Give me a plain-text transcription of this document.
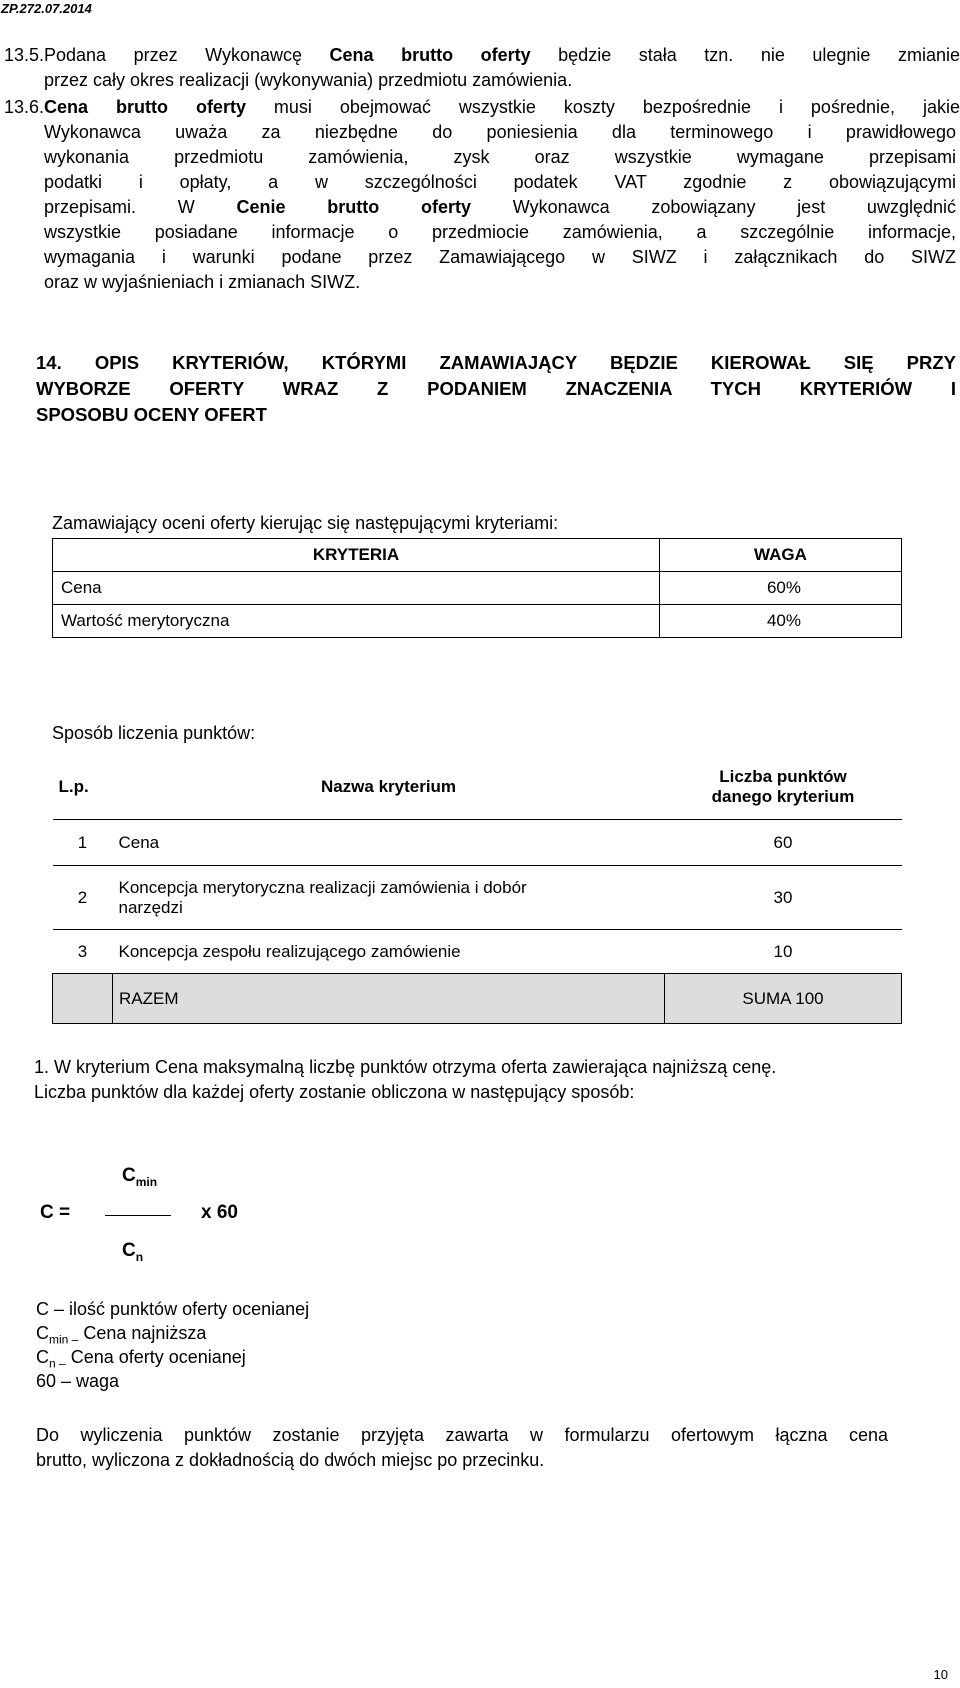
ZP.272.07.2014
13.5.Podana przez Wykonawcę Cena brutto oferty będzie stała tzn. nie ulegnie zmianie
przez cały okres realizacji (wykonywania) przedmiotu zamówienia.
13.6.Cena brutto oferty musi obejmować wszystkie koszty bezpośrednie i pośrednie, jakie
Wykonawca uważa za niezbędne do poniesienia dla terminowego i prawidłowego
wykonania przedmiotu zamówienia, zysk oraz wszystkie wymagane przepisami
podatki i opłaty, a w szczególności podatek VAT zgodnie z obowiązującymi
przepisami. W Cenie brutto oferty Wykonawca zobowiązany jest uwzględnić
wszystkie posiadane informacje o przedmiocie zamówienia, a szczególnie informacje,
wymagania i warunki podane przez Zamawiającego w SIWZ i załącznikach do SIWZ
oraz w wyjaśnieniach i zmianach SIWZ.
14. OPIS KRYTERIÓW, KTÓRYMI ZAMAWIAJĄCY BĘDZIE KIEROWAŁ SIĘ PRZY
WYBORZE OFERTY WRAZ Z PODANIEM ZNACZENIA TYCH KRYTERIÓW I
SPOSOBU OCENY OFERT
Zamawiający oceni oferty kierując się następującymi kryteriami:
KRYTERIA	WAGA
Cena	60%
Wartość merytoryczna	40%
Sposób liczenia punktów:
L.p.	Nazwa kryterium	Liczba punktów
danego kryterium

1	Cena	60
2	Koncepcja merytoryczna realizacji zamówienia i dobór
narzędzi	30
3	Koncepcja zespołu realizującego zamówienie	10
	RAZEM	SUMA 100
1. W kryterium Cena maksymalną liczbę punktów otrzyma oferta zawierająca najniższą cenę.
Liczba punktów dla każdej oferty zostanie obliczona w następujący sposób:
$C_{min}$
C =	x 60
$C_n$
C – ilość punktów oferty ocenianej
$C_{min -}$ Cena najniższa
$C_{n -}$ Cena oferty ocenianej
60 – waga
Do wyliczenia punktów zostanie przyjęta zawarta w formularzu ofertowym łączna cena
brutto, wyliczona z dokładnością do dwóch miejsc po przecinku.
10
